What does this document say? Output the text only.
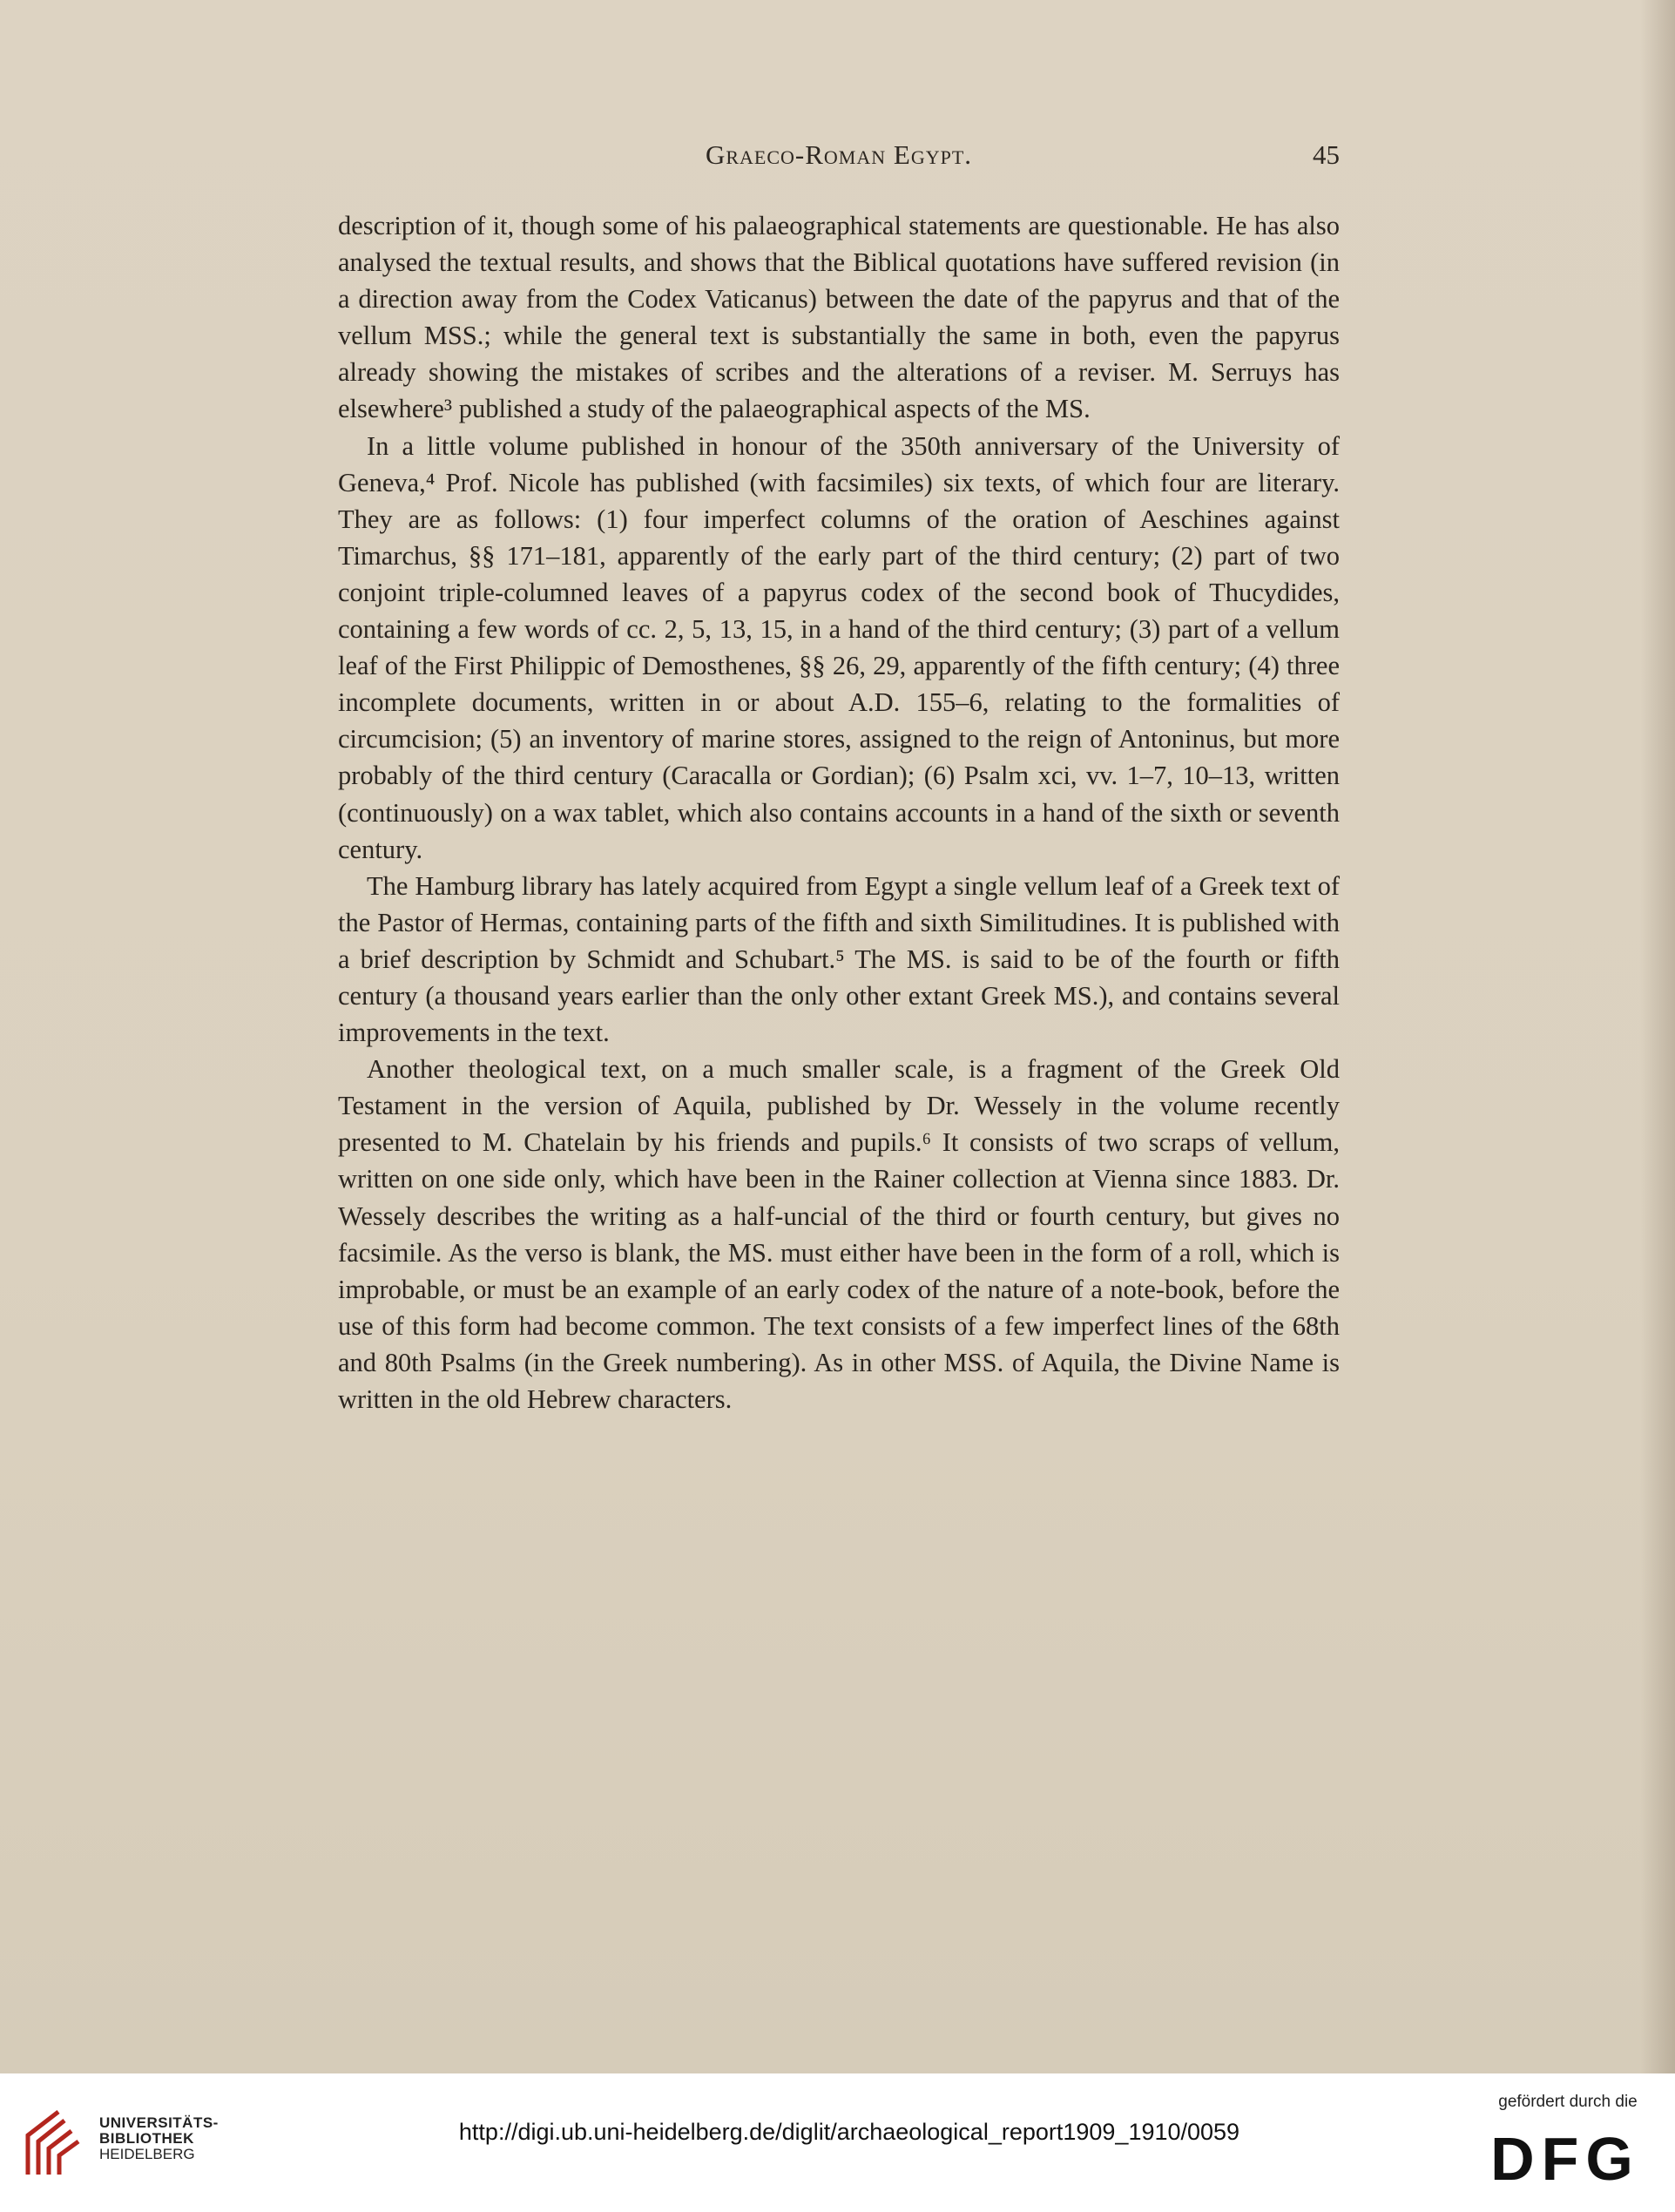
Graeco-Roman Egypt.	45

description of it, though some of his palaeographical statements are questionable. He has also analysed the textual results, and shows that the Biblical quotations have suffered revision (in a direction away from the Codex Vaticanus) between the date of the papyrus and that of the vellum MSS.; while the general text is substantially the same in both, even the papyrus already showing the mistakes of scribes and the alterations of a reviser. M. Serruys has elsewhere³ published a study of the palaeographical aspects of the MS.

In a little volume published in honour of the 350th anniversary of the University of Geneva,⁴ Prof. Nicole has published (with facsimiles) six texts, of which four are literary. They are as follows: (1) four imperfect columns of the oration of Aeschines against Timarchus, §§ 171–181, apparently of the early part of the third century; (2) part of two conjoint triple-columned leaves of a papyrus codex of the second book of Thucydides, containing a few words of cc. 2, 5, 13, 15, in a hand of the third century; (3) part of a vellum leaf of the First Philippic of Demosthenes, §§ 26, 29, apparently of the fifth century; (4) three incomplete documents, written in or about A.D. 155–6, relating to the formalities of circumcision; (5) an inventory of marine stores, assigned to the reign of Antoninus, but more probably of the third century (Caracalla or Gordian); (6) Psalm xci, vv. 1–7, 10–13, written (continuously) on a wax tablet, which also contains accounts in a hand of the sixth or seventh century.

The Hamburg library has lately acquired from Egypt a single vellum leaf of a Greek text of the Pastor of Hermas, containing parts of the fifth and sixth Similitudines. It is published with a brief description by Schmidt and Schubart.⁵ The MS. is said to be of the fourth or fifth century (a thousand years earlier than the only other extant Greek MS.), and contains several improvements in the text.

Another theological text, on a much smaller scale, is a fragment of the Greek Old Testament in the version of Aquila, published by Dr. Wessely in the volume recently presented to M. Chatelain by his friends and pupils.⁶ It consists of two scraps of vellum, written on one side only, which have been in the Rainer collection at Vienna since 1883. Dr. Wessely describes the writing as a half-uncial of the third or fourth century, but gives no facsimile. As the verso is blank, the MS. must either have been in the form of a roll, which is improbable, or must be an example of an early codex of the nature of a note-book, before the use of this form had become common. The text consists of a few imperfect lines of the 68th and 80th Psalms (in the Greek numbering). As in other MSS. of Aquila, the Divine Name is written in the old Hebrew characters.

UNIVERSITÄTS-
BIBLIOTHEK
HEIDELBERG
http://digi.ub.uni-heidelberg.de/diglit/archaeological_report1909_1910/0059
gefördert durch die
DFG
